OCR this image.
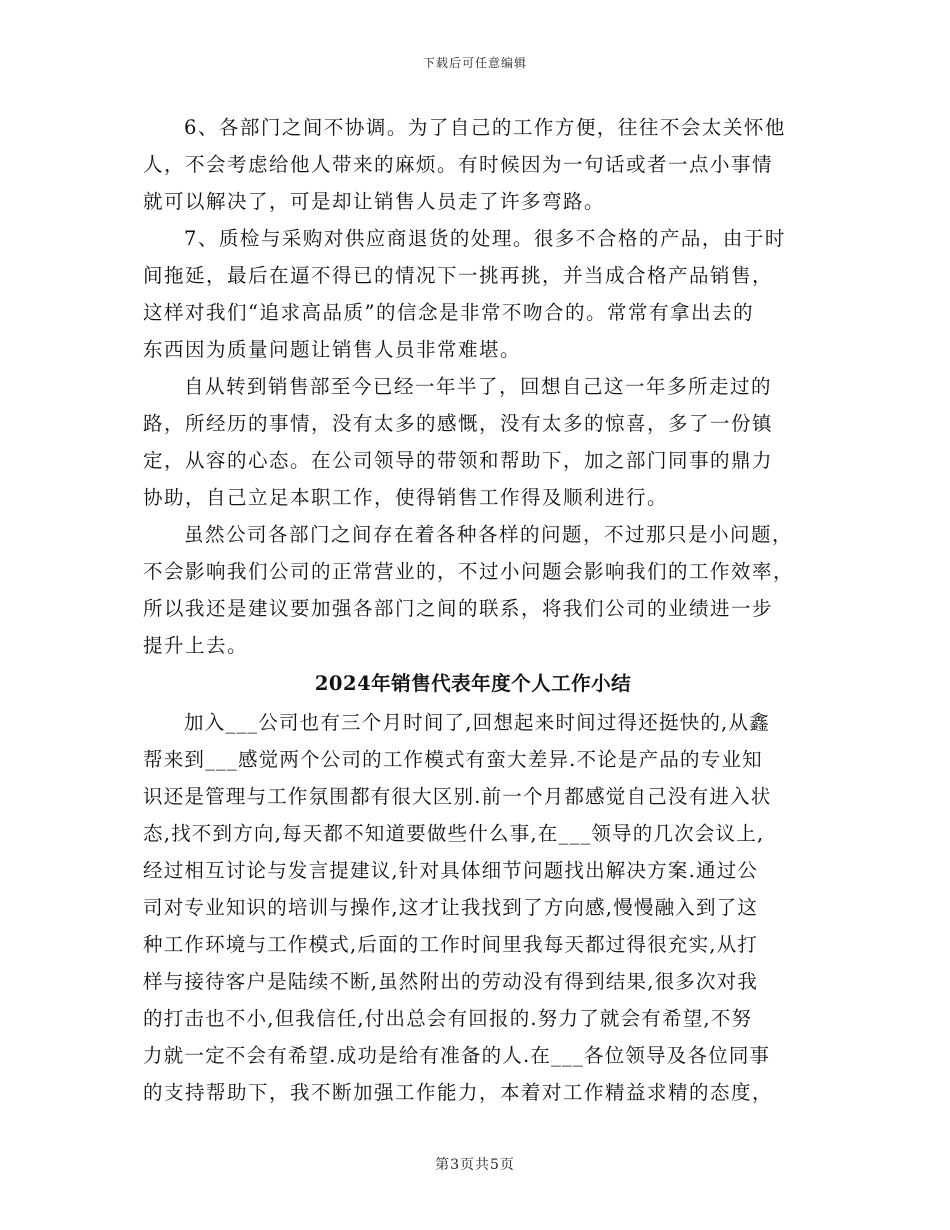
下载后可任意编辑
6、各部门之间不协调。为了自己的工作方便，往往不会太关怀他
人，不会考虑给他人带来的麻烦。有时候因为一句话或者一点小事情
就可以解决了，可是却让销售人员走了许多弯路。
7、质检与采购对供应商退货的处理。很多不合格的产品，由于时
间拖延，最后在逼不得已的情况下一挑再挑，并当成合格产品销售，
这样对我们“追求高品质”的信念是非常不吻合的。常常有拿出去的
东西因为质量问题让销售人员非常难堪。
自从转到销售部至今已经一年半了，回想自己这一年多所走过的
路，所经历的事情，没有太多的感慨，没有太多的惊喜，多了一份镇
定，从容的心态。在公司领导的带领和帮助下，加之部门同事的鼎力
协助，自己立足本职工作，使得销售工作得及顺利进行。
虽然公司各部门之间存在着各种各样的问题，不过那只是小问题，
不会影响我们公司的正常营业的，不过小问题会影响我们的工作效率，
所以我还是建议要加强各部门之间的联系，将我们公司的业绩进一步
提升上去。
2024年销售代表年度个人工作小结
加入___公司也有三个月时间了,回想起来时间过得还挺快的,从鑫
帮来到___感觉两个公司的工作模式有蛮大差异.不论是产品的专业知
识还是管理与工作氛围都有很大区别.前一个月都感觉自己没有进入状
态,找不到方向,每天都不知道要做些什么事,在___领导的几次会议上,
经过相互讨论与发言提建议,针对具体细节问题找出解决方案.通过公
司对专业知识的培训与操作,这才让我找到了方向感,慢慢融入到了这
种工作环境与工作模式,后面的工作时间里我每天都过得很充实,从打
样与接待客户是陆续不断,虽然附出的劳动没有得到结果,很多次对我
的打击也不小,但我信任,付出总会有回报的.努力了就会有希望,不努
力就一定不会有希望.成功是给有准备的人.在___各位领导及各位同事
的支持帮助下，我不断加强工作能力，本着对工作精益求精的态度，
第3页共5页
